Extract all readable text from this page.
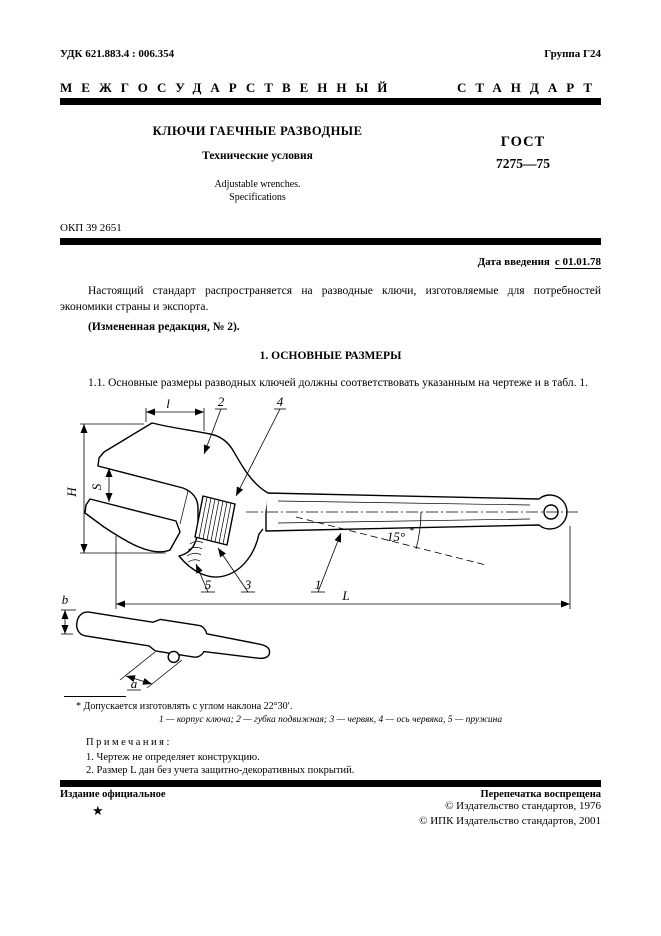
УДК 621.883.4 : 006.354	Группа Г24
МЕЖГОСУДАРСТВЕННЫЙ	СТАНДАРТ
КЛЮЧИ ГАЕЧНЫЕ РАЗВОДНЫЕ
Технические условия
Adjustable wrenches.
Specifications
ГОСТ
7275—75
ОКП 39 2651
Дата введения с 01.01.78

Настоящий стандарт распространяется на разводные ключи, изготовляемые для потребностей экономики страны и экспорта.

(Измененная редакция, № 2).

1. ОСНОВНЫЕ РАЗМЕРЫ

1.1. Основные размеры разводных ключей должны соответствовать указанным на чертеже и в табл. 1.

15° *
l	2	4
H
S
5	3	1
L
b
a
* Допускается изготовлять с углом наклона 22°30′.
1 — корпус ключа; 2 — губка подвижная; 3 — червяк, 4 — ось червяка, 5 — пружина
Примечания:
1. Чертеж не определяет конструкцию.
2. Размер L дан без учета защитно-декоративных покрытий.
Издание официальное	Перепечатка воспрещена
★	© Издательство стандартов, 1976
© ИПК Издательство стандартов, 2001
